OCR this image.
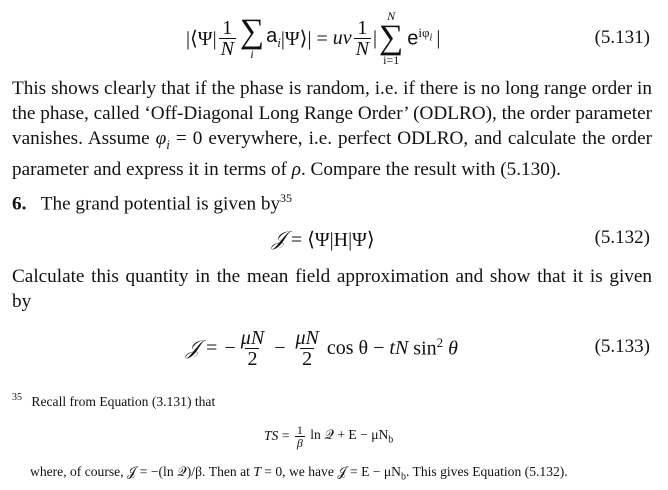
|⟨Ψ| $\frac{1}{N}$ ∑
i
$a_i$ |Ψ⟩| = uv $\frac{1}{N}$ |
N
∑
i=1
$e^{i\varphi_i}$ |	(5.131)
This shows clearly that if the phase is random, i.e. if there is no long range order in
the phase, called ‘Off-Diagonal Long Range Order’ (ODLRO), the order parameter
vanishes. Assume $\varphi_i = 0$ everywhere, i.e. perfect ODLRO, and calculate the order
parameter and express it in terms of ρ. Compare the result with (5.130).
6. The grand potential is given $by^{35}$
𝒥 = ⟨Ψ|H|Ψ⟩	(5.132)
Calculate this quantity in the mean field approximation and show that it is given
by
𝒥 = − $\frac{\mu N}{2} - \frac{\mu N}{2}$ cos θ − tN $\sin^2 \theta$	(5.133)
$^{35}$ Recall from Equation (3.131) that
TS = $\frac{1}{\beta}$ ln 𝒬 + $E - \mu N_b$
where, of course, 𝒥 = −(ln 𝒬)/β. Then at T = 0, we have 𝒥 = $E - \mu N_b$. This gives Equation (5.132).
